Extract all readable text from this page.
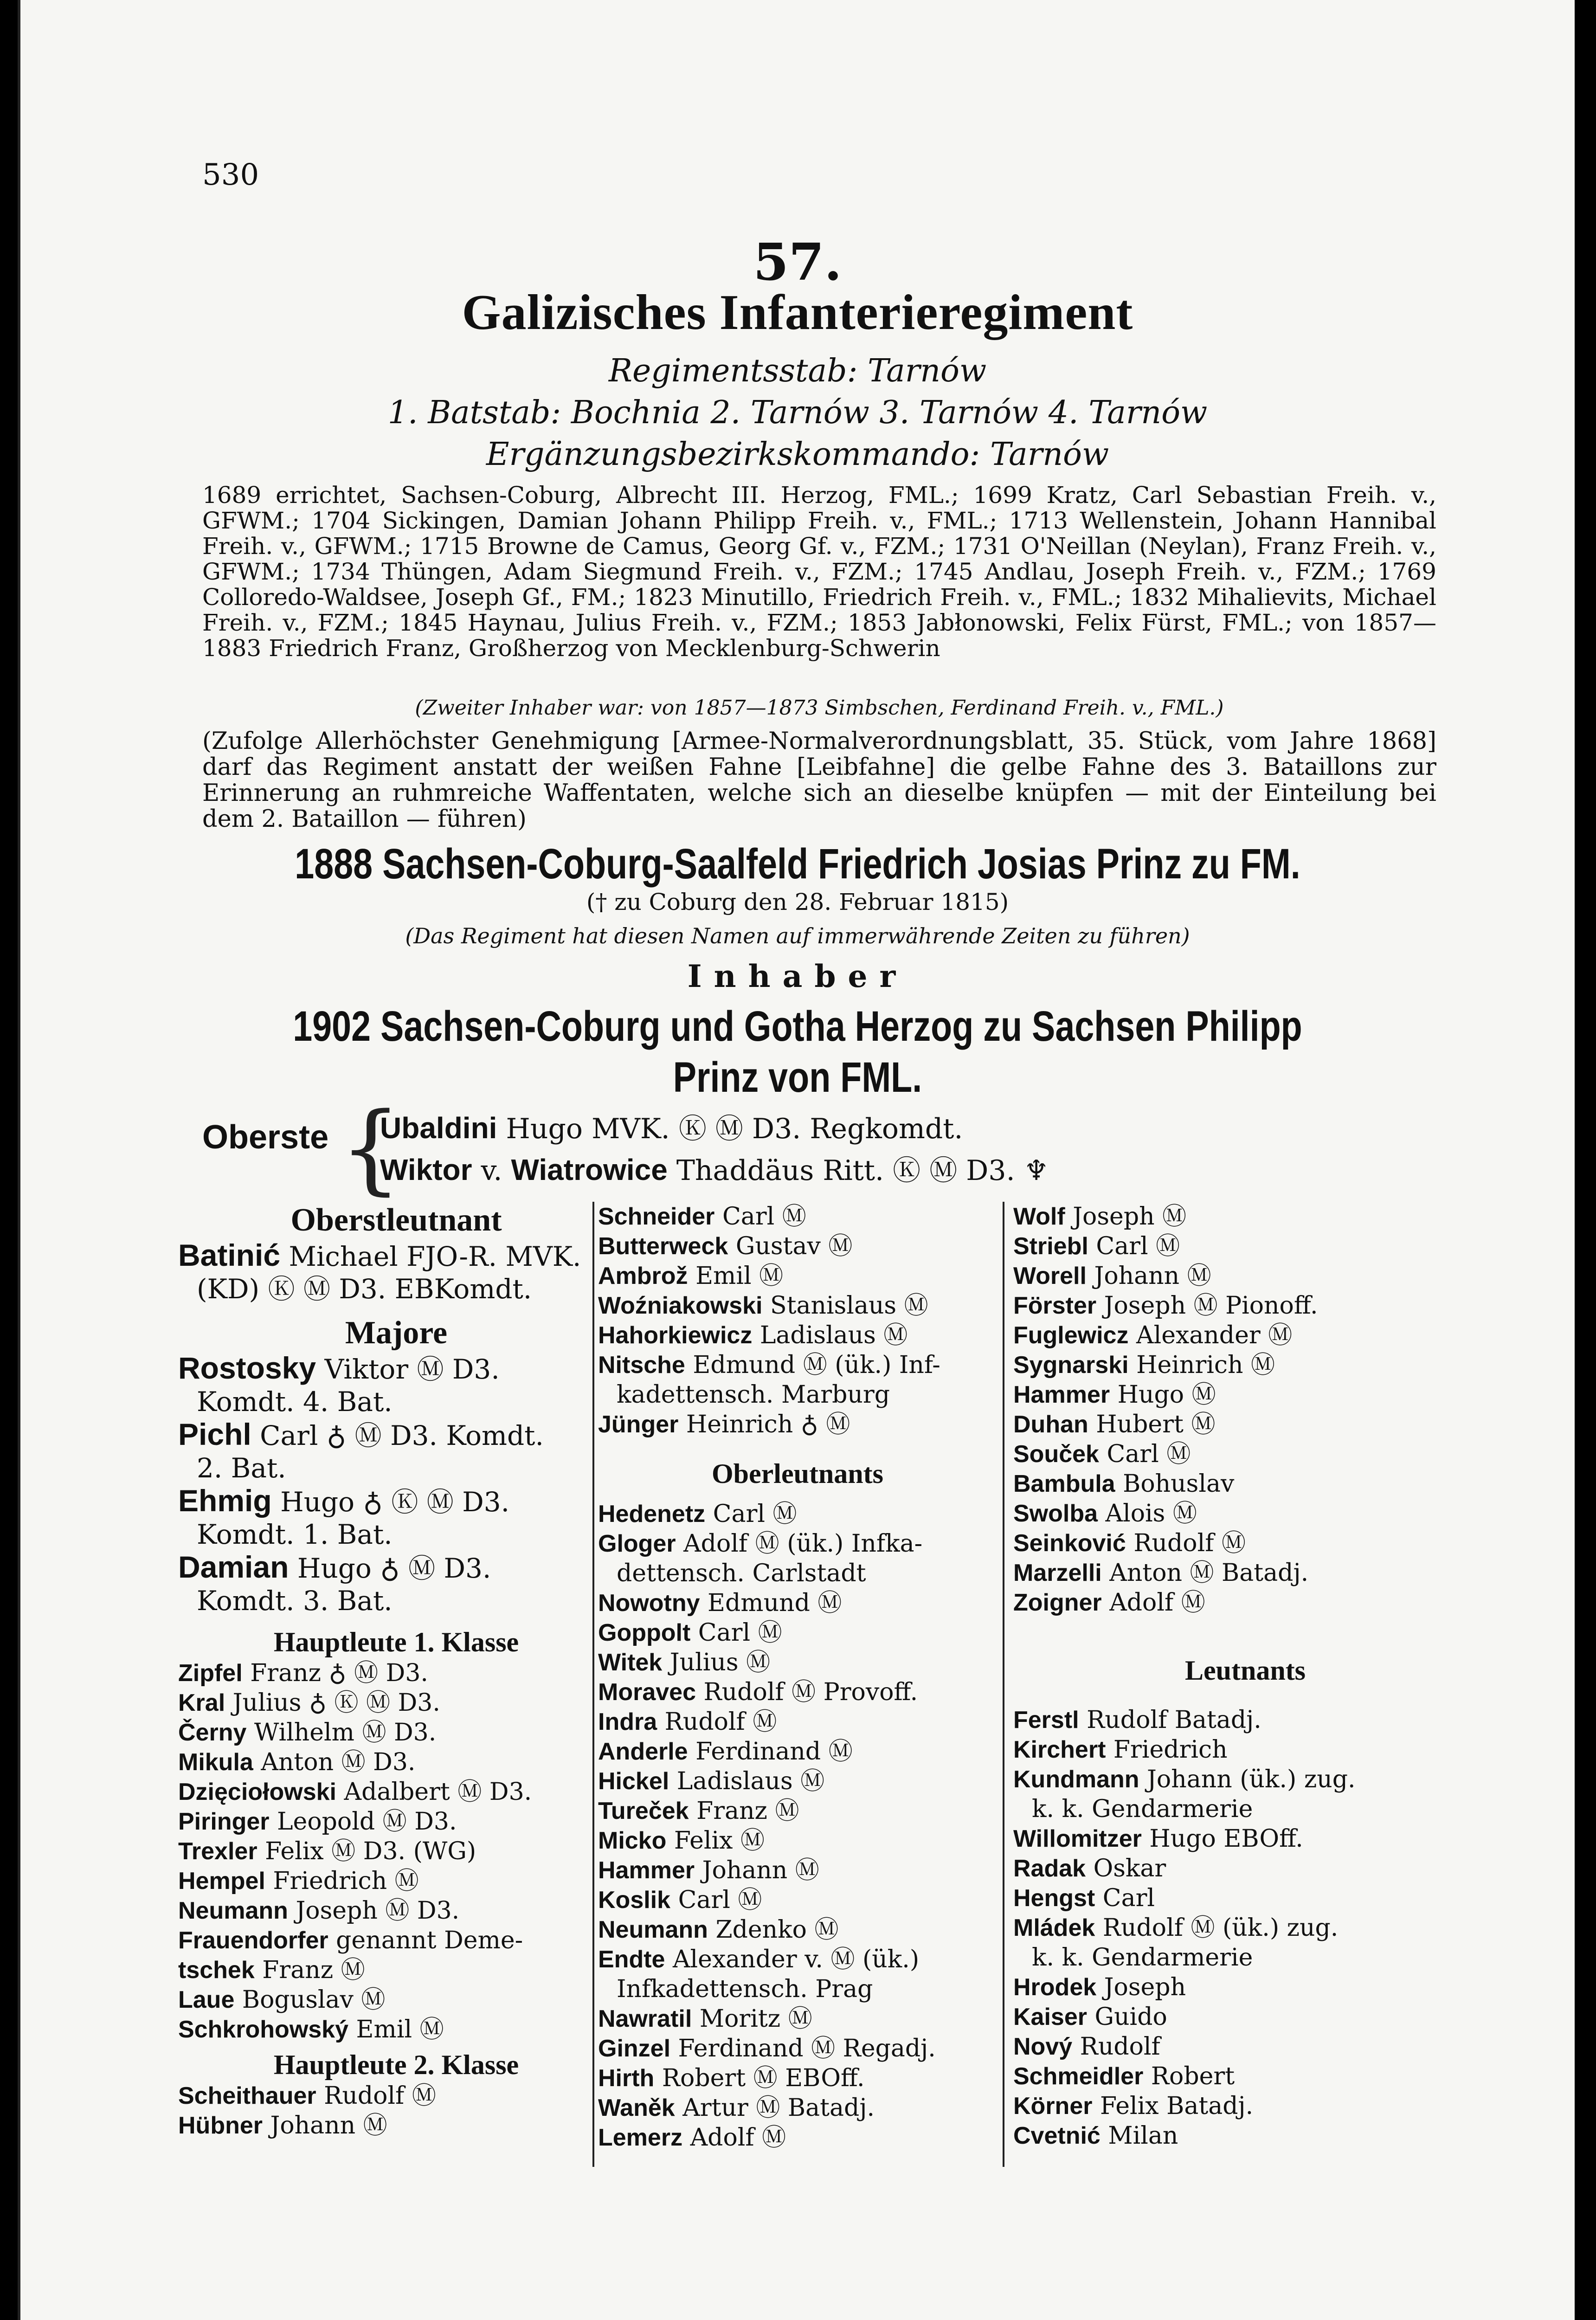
530
57.
Galizisches Infanterieregiment
Regimentsstab: Tarnów
1. Batstab: Bochnia 2. Tarnów 3. Tarnów 4. Tarnów
Ergänzungsbezirkskommando: Tarnów
1689 errichtet, Sachsen-Coburg, Albrecht III. Herzog, FML.; 1699 Kratz, Carl Sebastian Freih. v., GFWM.; 1704 Sickingen, Damian Johann Philipp Freih. v., FML.; 1713 Wellenstein, Johann Hannibal Freih. v., GFWM.; 1715 Browne de Camus, Georg Gf. v., FZM.; 1731 O'Neillan (Neylan), Franz Freih. v., GFWM.; 1734 Thüngen, Adam Siegmund Freih. v., FZM.; 1745 Andlau, Joseph Freih. v., FZM.; 1769 Colloredo-Waldsee, Joseph Gf., FM.; 1823 Minutillo, Friedrich Freih. v., FML.; 1832 Mihalievits, Michael Freih. v., FZM.; 1845 Haynau, Julius Freih. v., FZM.; 1853 Jabłonowski, Felix Fürst, FML.; von 1857—1883 Friedrich Franz, Großherzog von Mecklenburg-Schwerin
(Zweiter Inhaber war: von 1857—1873 Simbschen, Ferdinand Freih. v., FML.)
(Zufolge Allerhöchster Genehmigung [Armee-Normalverordnungsblatt, 35. Stück, vom Jahre 1868] darf das Regiment anstatt der weißen Fahne [Leibfahne] die gelbe Fahne des 3. Bataillons zur Erinnerung an ruhmreiche Waffentaten, welche sich an dieselbe knüpfen — mit der Einteilung bei dem 2. Bataillon — führen)
1888 Sachsen-Coburg-Saalfeld Friedrich Josias Prinz zu FM.
(† zu Coburg den 28. Februar 1815)
(Das Regiment hat diesen Namen auf immerwährende Zeiten zu führen)
Inhaber
1902 Sachsen-Coburg und Gotha Herzog zu Sachsen Philipp
Prinz von FML.
Oberste {
Ubaldini Hugo MVK. Ⓚ Ⓜ D3. Regkomdt.
Wiktor v. Wiatrowice Thaddäus Ritt. Ⓚ Ⓜ D3. ♆
Oberstleutnant
Batinić Michael FJO-R. MVK.
(KD) Ⓚ Ⓜ D3. EBKomdt.
Majore
Rostosky Viktor Ⓜ D3.
Komdt. 4. Bat.
Pichl Carl ♁ Ⓜ D3. Komdt.
2. Bat.
Ehmig Hugo ♁ Ⓚ Ⓜ D3.
Komdt. 1. Bat.
Damian Hugo ♁ Ⓜ D3.
Komdt. 3. Bat.
Hauptleute 1. Klasse
Zipfel Franz ♁ Ⓜ D3.
Kral Julius ♁ Ⓚ Ⓜ D3.
Černy Wilhelm Ⓜ D3.
Mikula Anton Ⓜ D3.
Dzięciołowski Adalbert Ⓜ D3.
Piringer Leopold Ⓜ D3.
Trexler Felix Ⓜ D3. (WG)
Hempel Friedrich Ⓜ
Neumann Joseph Ⓜ D3.
Frauendorfer genannt Deme-
tschek Franz Ⓜ
Laue Boguslav Ⓜ
Schkrohowský Emil Ⓜ
Hauptleute 2. Klasse
Scheithauer Rudolf Ⓜ
Hübner Johann Ⓜ
Schneider Carl Ⓜ
Butterweck Gustav Ⓜ
Ambrož Emil Ⓜ
Woźniakowski Stanislaus Ⓜ
Hahorkiewicz Ladislaus Ⓜ
Nitsche Edmund Ⓜ (ük.) Inf-
kadettensch. Marburg
Jünger Heinrich ♁ Ⓜ
Oberleutnants
Hedenetz Carl Ⓜ
Gloger Adolf Ⓜ (ük.) Infka-
dettensch. Carlstadt
Nowotny Edmund Ⓜ
Goppolt Carl Ⓜ
Witek Julius Ⓜ
Moravec Rudolf Ⓜ Provoff.
Indra Rudolf Ⓜ
Anderle Ferdinand Ⓜ
Hickel Ladislaus Ⓜ
Tureček Franz Ⓜ
Micko Felix Ⓜ
Hammer Johann Ⓜ
Koslik Carl Ⓜ
Neumann Zdenko Ⓜ
Endte Alexander v. Ⓜ (ük.)
Infkadettensch. Prag
Nawratil Moritz Ⓜ
Ginzel Ferdinand Ⓜ Regadj.
Hirth Robert Ⓜ EBOff.
Waněk Artur Ⓜ Batadj.
Lemerz Adolf Ⓜ
Wolf Joseph Ⓜ
Striebl Carl Ⓜ
Worell Johann Ⓜ
Förster Joseph Ⓜ Pionoff.
Fuglewicz Alexander Ⓜ
Sygnarski Heinrich Ⓜ
Hammer Hugo Ⓜ
Duhan Hubert Ⓜ
Souček Carl Ⓜ
Bambula Bohuslav
Swolba Alois Ⓜ
Seinković Rudolf Ⓜ
Marzelli Anton Ⓜ Batadj.
Zoigner Adolf Ⓜ
Leutnants
Ferstl Rudolf Batadj.
Kirchert Friedrich
Kundmann Johann (ük.) zug.
k. k. Gendarmerie
Willomitzer Hugo EBOff.
Radak Oskar
Hengst Carl
Mládek Rudolf Ⓜ (ük.) zug.
k. k. Gendarmerie
Hrodek Joseph
Kaiser Guido
Nový Rudolf
Schmeidler Robert
Körner Felix Batadj.
Cvetnić Milan
